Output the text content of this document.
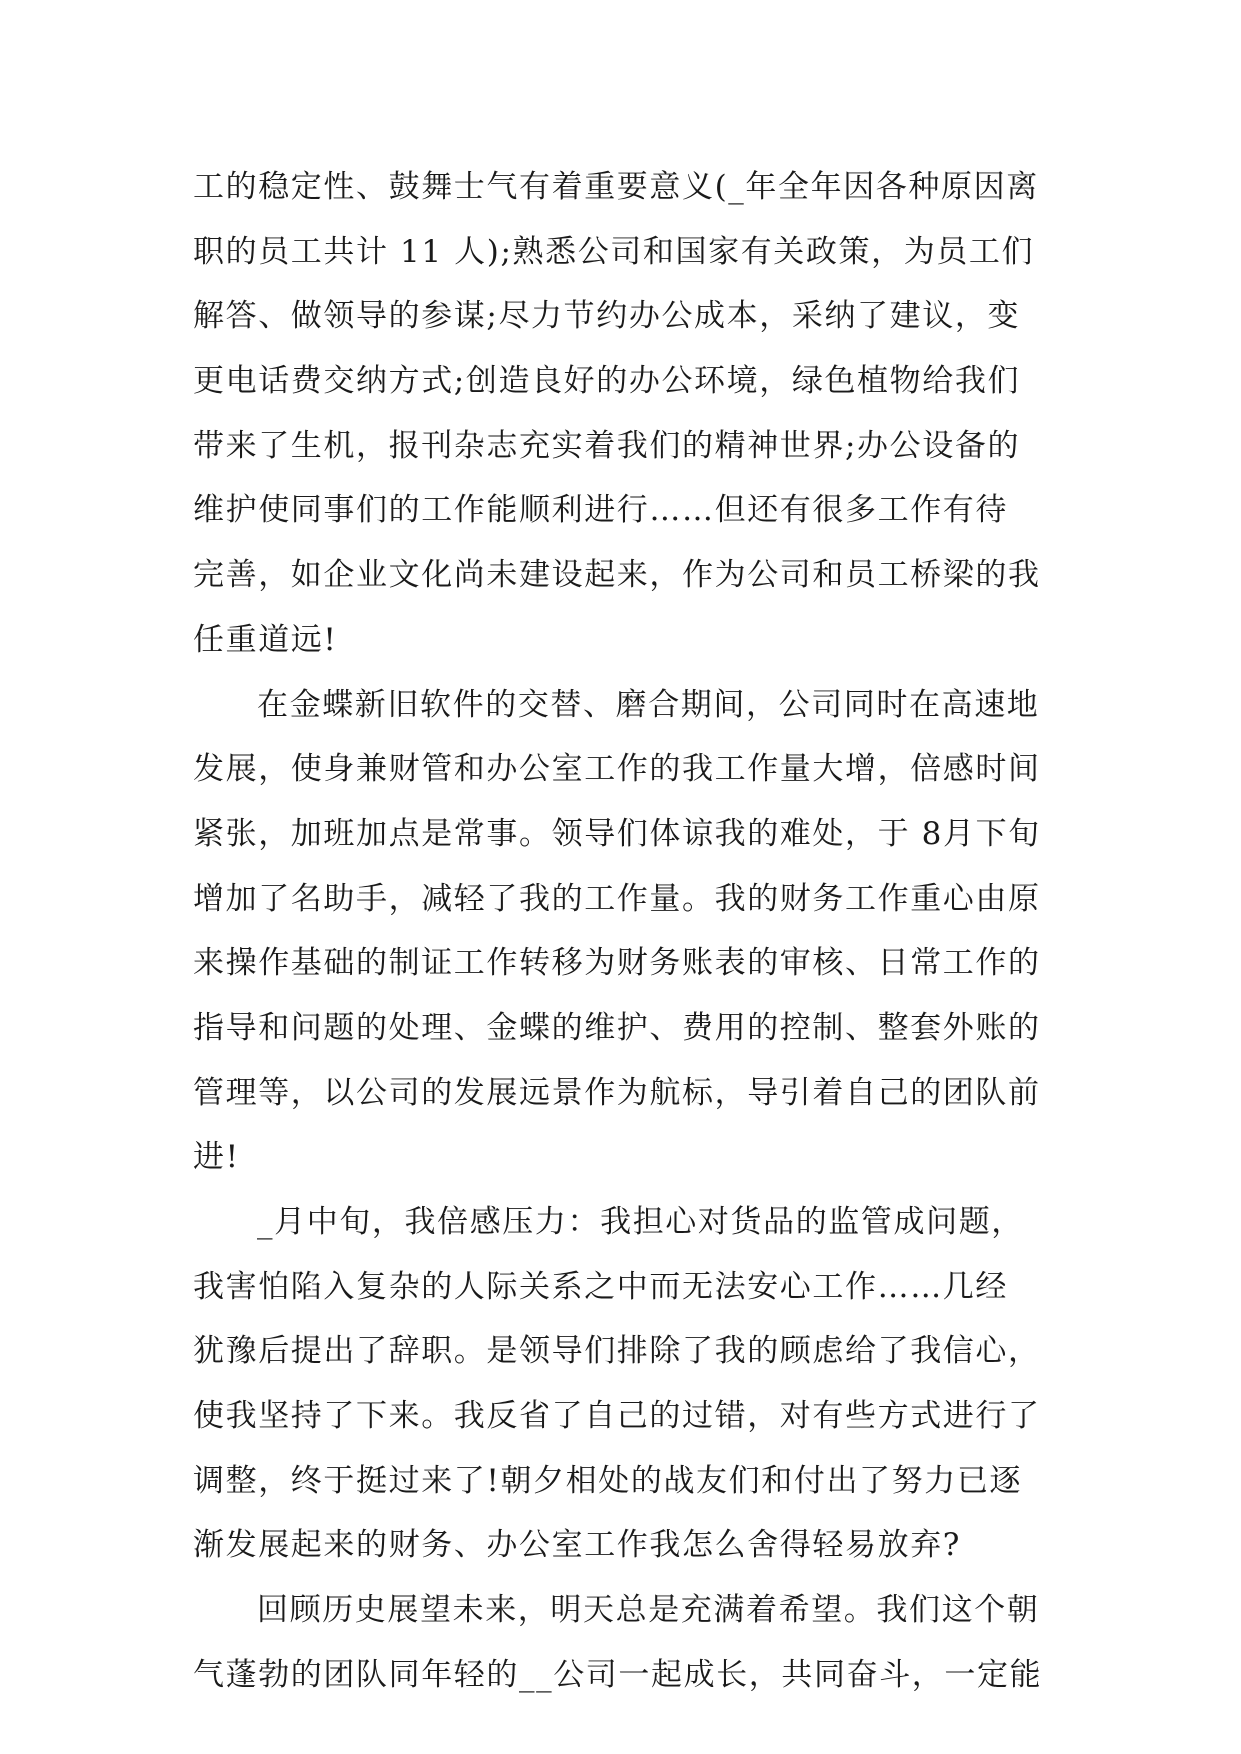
工的稳定性、鼓舞士气有着重要意义(_年全年因各种原因离
职的员工共计 11 人);熟悉公司和国家有关政策，为员工们
解答、做领导的参谋;尽力节约办公成本，采纳了建议，变
更电话费交纳方式;创造良好的办公环境，绿色植物给我们
带来了生机，报刊杂志充实着我们的精神世界;办公设备的
维护使同事们的工作能顺利进行……但还有很多工作有待
完善，如企业文化尚未建设起来，作为公司和员工桥梁的我
任重道远!
在金蝶新旧软件的交替、磨合期间，公司同时在高速地
发展，使身兼财管和办公室工作的我工作量大增，倍感时间
紧张，加班加点是常事。领导们体谅我的难处，于 8月下旬
增加了名助手，减轻了我的工作量。我的财务工作重心由原
来操作基础的制证工作转移为财务账表的审核、日常工作的
指导和问题的处理、金蝶的维护、费用的控制、整套外账的
管理等，以公司的发展远景作为航标，导引着自己的团队前
进!
_月中旬，我倍感压力：我担心对货品的监管成问题，
我害怕陷入复杂的人际关系之中而无法安心工作……几经
犹豫后提出了辞职。是领导们排除了我的顾虑给了我信心，
使我坚持了下来。我反省了自己的过错，对有些方式进行了
调整，终于挺过来了!朝夕相处的战友们和付出了努力已逐
渐发展起来的财务、办公室工作我怎么舍得轻易放弃?
回顾历史展望未来，明天总是充满着希望。我们这个朝
气蓬勃的团队同年轻的__公司一起成长，共同奋斗，一定能
